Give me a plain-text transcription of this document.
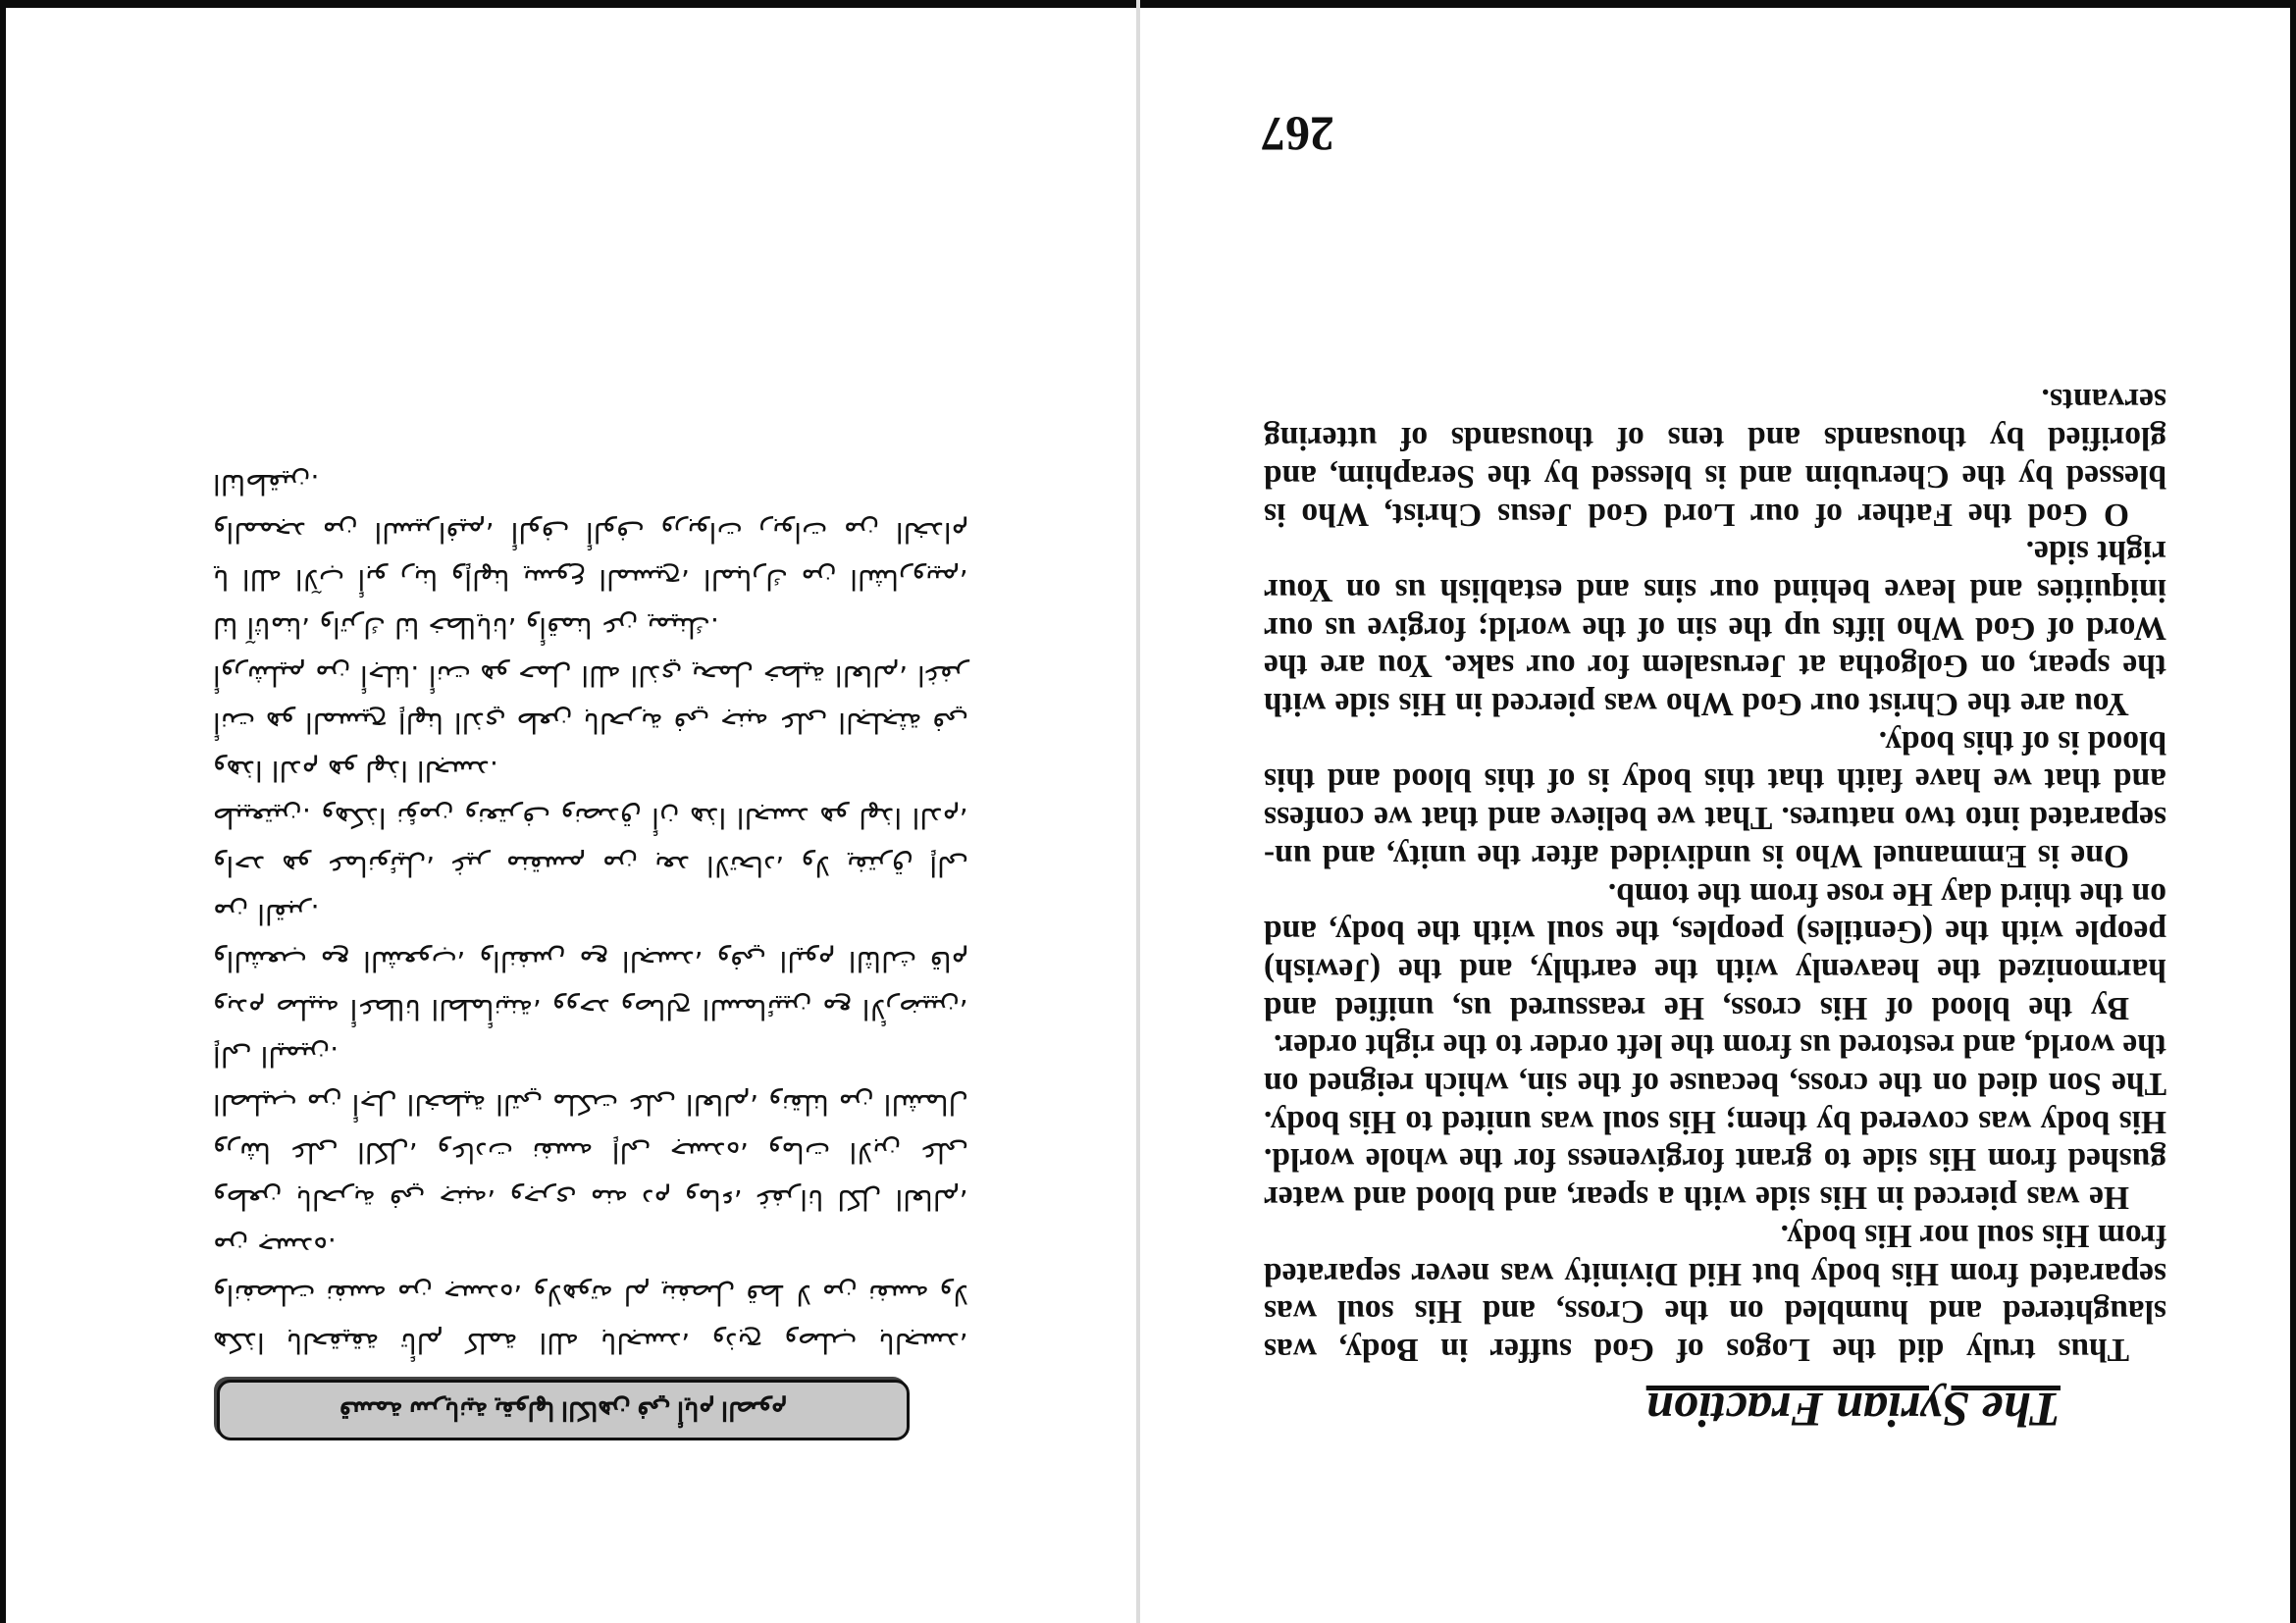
قسمة سريانية يقولها الكاهن في أيام الصوم

هكذا بالحقيقة تألم كلمة الله بالجسد، وذبح وصلب بالجسد، وانفصلت نفسه من جسده، ولاهوته لم ينفصل قط لا من نفسه ولا من جسده.

وطعن بالحربة في جنبه، وجرى منه دم وماء، غفرانا لكل العالم، ورشا على الكل، وعادت نفسه إلى جسده، ومات الابن على الصليب من أجل الخطية التي ملكت على العالم، ونقلنا من الشمال إلى اليمين.

وبدم صليبه أعطانا الطمأنينة، ووحد وصالح السمائيين مع الأرضيين، والشعب مع الشعوب، والنفس مع الجسد، وفي اليوم الثالث قام من القبر.

واحد هو عمانوئيل، غير منقسم من بعد الاتحاد، ولا يفترق إلى طبيعتين. وهكذا نؤمن ونعترف ونصدق أن هذا الجسد هو لهذا الدم، وهذا الدم هو لهذا الجسد.

أنت هو المسيح إلهنا الذي طعن بالحربة في جنبه على الجلجثة في أورشليم من أجلنا. أنت هو حمل الله الذي يحمل خطية العالم، اغفر لنا آثامنا، واترك لنا خطايانا، وأقمنا عن يمينك.

يا الله الآب أبو ربنا وإلهنا يسوع المسيح، المبارك من الشاروبيم، والممجد من السيرافيم، ألوف ألوف وربوات ربوات من الخدام الناطقين.

The Syrian Fraction

Thus truly did the Logos of God suffer in Body, was slaughtered and humbled on the Cross, and His soul was separated from His body but Hid Divinity was never separated from His soul nor His body.

He was pierced in His side with a spear, and blood and water gushed from His side to grant forgiveness for the whole world. His body was covered by them; His soul was united to His body. The Son died on the cross, because of the sin, which reigned on the world, and restored us from the left order to the right order.

By the blood of His cross, He reassured us, unified and harmonized the heavenly with the earthly, and the (Jewish) people with the (Gentiles) peoples, the soul with the body, and on the third day He rose from the tomb.

One is Emmanuel Who is undivided after the unity, and un-separated into two natures. That we believe and that we confess and that we have faith that this body is of this blood and this blood is of this body.

You are the Christ our God Who was pierced in His side with the spear, on Golgotha at Jerusalem for our sake. You are the Word of God Who lifts up the sin of the world; forgive us our iniquities and leave behind our sins and establish us on Your right side.

O God the Father of our Lord God Jesus Christ, Who is blessed by the Cherubim and is blessed by the Seraphim, and glorified by thousands and tens of thousands of uttering servants.

267
